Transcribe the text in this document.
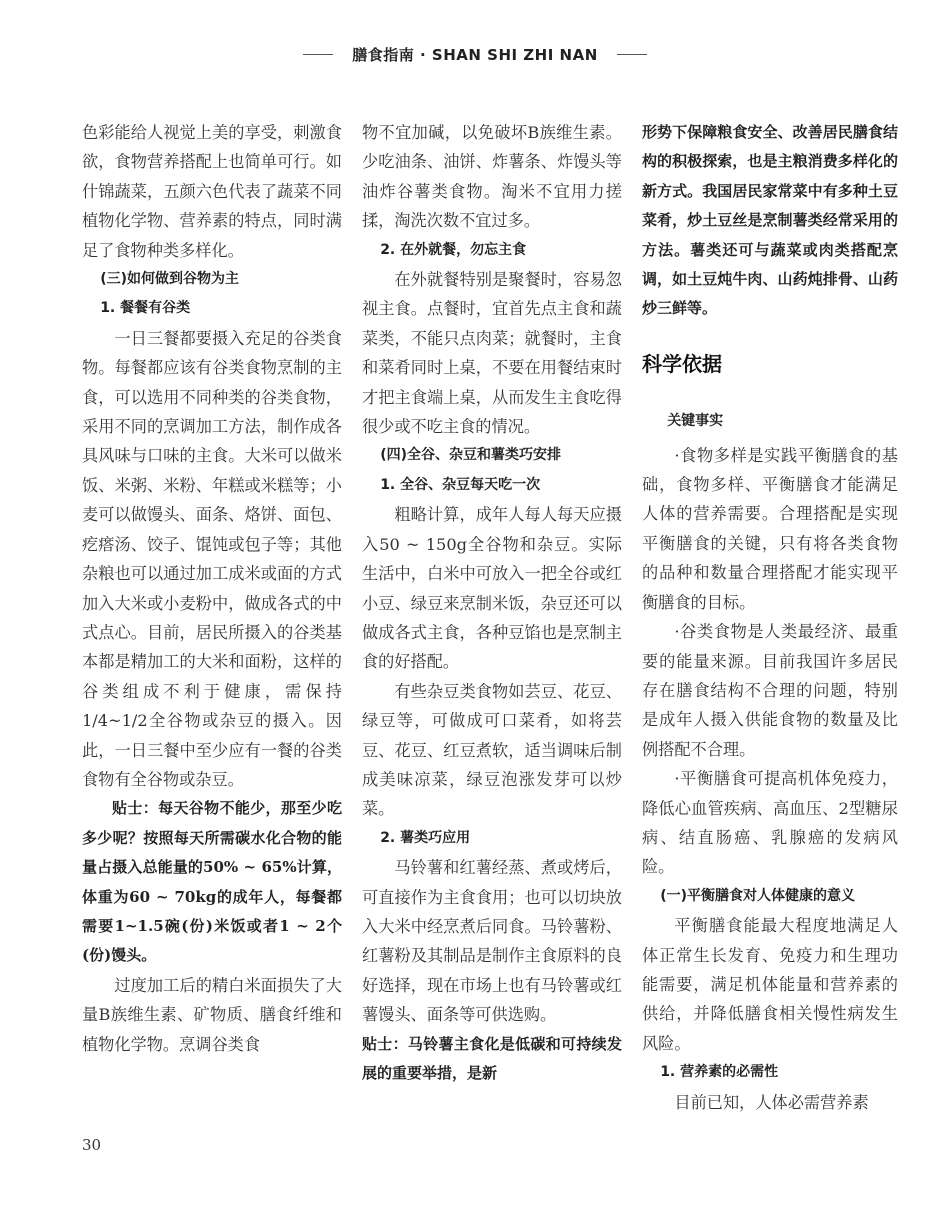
膳食指南 · SHAN SHI ZHI NAN

色彩能给人视觉上美的享受，刺激食欲，食物营养搭配上也简单可行。如什锦蔬菜，五颜六色代表了蔬菜不同植物化学物、营养素的特点，同时满足了食物种类多样化。

(三)如何做到谷物为主

1. 餐餐有谷类

一日三餐都要摄入充足的谷类食物。每餐都应该有谷类食物烹制的主食，可以选用不同种类的谷类食物，采用不同的烹调加工方法，制作成各具风味与口味的主食。大米可以做米饭、米粥、米粉、年糕或米糕等；小麦可以做馒头、面条、烙饼、面包、疙瘩汤、饺子、馄饨或包子等；其他杂粮也可以通过加工成米或面的方式加入大米或小麦粉中，做成各式的中式点心。目前，居民所摄入的谷类基本都是精加工的大米和面粉，这样的谷类组成不利于健康，需保持1/4~1/2全谷物或杂豆的摄入。因此，一日三餐中至少应有一餐的谷类食物有全谷物或杂豆。

贴士：每天谷物不能少，那至少吃多少呢？按照每天所需碳水化合物的能量占摄入总能量的50% ~ 65%计算，体重为60 ~ 70kg的成年人，每餐都需要1~1.5碗(份)米饭或者1 ~ 2个(份)馒头。

过度加工后的精白米面损失了大量B族维生素、矿物质、膳食纤维和植物化学物。烹调谷类食

物不宜加碱，以免破坏B族维生素。少吃油条、油饼、炸薯条、炸馒头等油炸谷薯类食物。淘米不宜用力搓揉，淘洗次数不宜过多。

2. 在外就餐，勿忘主食

在外就餐特别是聚餐时，容易忽视主食。点餐时，宜首先点主食和蔬菜类，不能只点肉菜；就餐时，主食和菜肴同时上桌，不要在用餐结束时才把主食端上桌，从而发生主食吃得很少或不吃主食的情况。

(四)全谷、杂豆和薯类巧安排

1. 全谷、杂豆每天吃一次

粗略计算，成年人每人每天应摄入50 ~ 150g全谷物和杂豆。实际生活中，白米中可放入一把全谷或红小豆、绿豆来烹制米饭，杂豆还可以做成各式主食，各种豆馅也是烹制主食的好搭配。

有些杂豆类食物如芸豆、花豆、绿豆等，可做成可口菜肴，如将芸豆、花豆、红豆煮软，适当调味后制成美味凉菜，绿豆泡涨发芽可以炒菜。

2. 薯类巧应用

马铃薯和红薯经蒸、煮或烤后，可直接作为主食食用；也可以切块放入大米中经烹煮后同食。马铃薯粉、红薯粉及其制品是制作主食原料的良好选择，现在市场上也有马铃薯或红薯馒头、面条等可供选购。

贴士：马铃薯主食化是低碳和可持续发展的重要举措，是新

形势下保障粮食安全、改善居民膳食结构的积极探索，也是主粮消费多样化的新方式。我国居民家常菜中有多种土豆菜肴，炒土豆丝是烹制薯类经常采用的方法。薯类还可与蔬菜或肉类搭配烹调，如土豆炖牛肉、山药炖排骨、山药炒三鲜等。

科学依据

关键事实

·食物多样是实践平衡膳食的基础，食物多样、平衡膳食才能满足人体的营养需要。合理搭配是实现平衡膳食的关键，只有将各类食物的品种和数量合理搭配才能实现平衡膳食的目标。

·谷类食物是人类最经济、最重要的能量来源。目前我国许多居民存在膳食结构不合理的问题，特别是成年人摄入供能食物的数量及比例搭配不合理。

·平衡膳食可提高机体免疫力，降低心血管疾病、高血压、2型糖尿病、结直肠癌、乳腺癌的发病风险。

(一)平衡膳食对人体健康的意义

平衡膳食能最大程度地满足人体正常生长发育、免疫力和生理功能需要，满足机体能量和营养素的供给，并降低膳食相关慢性病发生风险。

1. 营养素的必需性

目前已知，人体必需营养素

30
